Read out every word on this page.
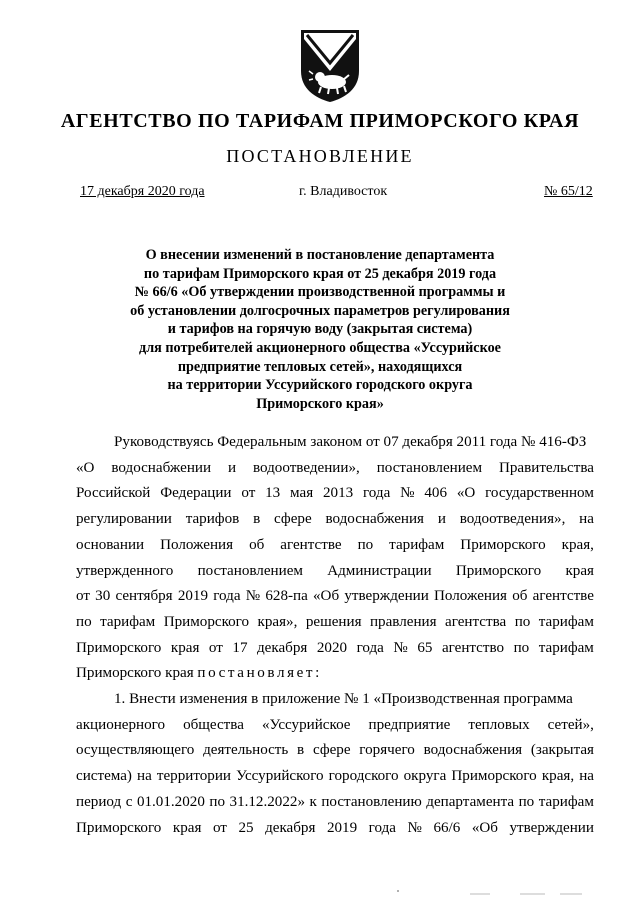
АГЕНТСТВО ПО ТАРИФАМ ПРИМОРСКОГО КРАЯ
ПОСТАНОВЛЕНИЕ
17 декабря 2020 года	г. Владивосток	№ 65/12
О внесении изменений в постановление департамента
по тарифам Приморского края от 25 декабря 2019 года
№ 66/6 «Об утверждении производственной программы и
об установлении долгосрочных параметров регулирования
и тарифов на горячую воду (закрытая система)
для потребителей акционерного общества «Уссурийское
предприятие тепловых сетей», находящихся
на территории Уссурийского городского округа
Приморского края»
Руководствуясь Федеральным законом от 07 декабря 2011 года № 416-ФЗ
«О водоснабжении и водоотведении», постановлением Правительства
Российской Федерации от 13 мая 2013 года № 406 «О государственном
регулировании тарифов в сфере водоснабжения и водоотведения», на
основании Положения об агентстве по тарифам Приморского края,
утвержденного постановлением Администрации Приморского края
от 30 сентября 2019 года № 628-па «Об утверждении Положения об агентстве
по тарифам Приморского края», решения правления агентства по тарифам
Приморского края от 17 декабря 2020 года № 65 агентство по тарифам
Приморского края
постановляет:
1. Внести изменения в приложение № 1 «Производственная программа
акционерного общества «Уссурийское предприятие тепловых сетей»,
осуществляющего деятельность в сфере горячего водоснабжения (закрытая
система) на территории Уссурийского городского округа Приморского края, на
период с 01.01.2020 по 31.12.2022» к постановлению департамента по тарифам
Приморского края от 25 декабря 2019 года № 66/6 «Об утверждении
